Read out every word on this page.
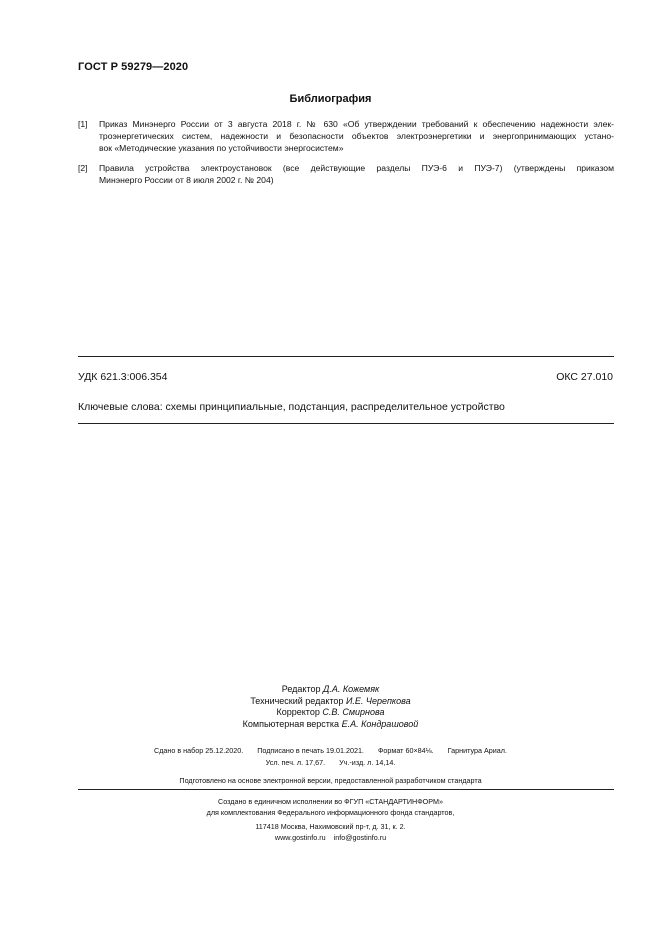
ГОСТ Р 59279—2020
Библиография
[1] Приказ Минэнерго России от 3 августа 2018 г. № 630 «Об утверждении требований к обеспечению надежности элек-
троэнергетических систем, надежности и безопасности объектов электроэнергетики и энергопринимающих устано-
вок «Методические указания по устойчивости энергосистем»
[2] Правила устройства электроустановок (все действующие разделы ПУЭ-6 и ПУЭ-7) (утверждены приказом
Минэнерго России от 8 июля 2002 г. № 204)
УДК 621.3:006.354	ОКС 27.010
Ключевые слова: схемы принципиальные, подстанция, распределительное устройство
Редактор Д.А. Кожемяк
Технический редактор И.Е. Черепкова
Корректор С.В. Смирнова
Компьютерная верстка Е.А. Кондрашовой
Сдано в набор 25.12.2020. Подписано в печать 19.01.2021. Формат 60×84⅛. Гарнитура Ариал.
Усл. печ. л. 17,67. Уч.-изд. л. 14,14.
Подготовлено на основе электронной версии, предоставленной разработчиком стандарта
Создано в единичном исполнении во ФГУП «СТАНДАРТИНФОРМ»
для комплектования Федерального информационного фонда стандартов,
117418 Москва, Нахимовский пр-т, д. 31, к. 2.
www.gostinfo.ru info@gostinfo.ru
